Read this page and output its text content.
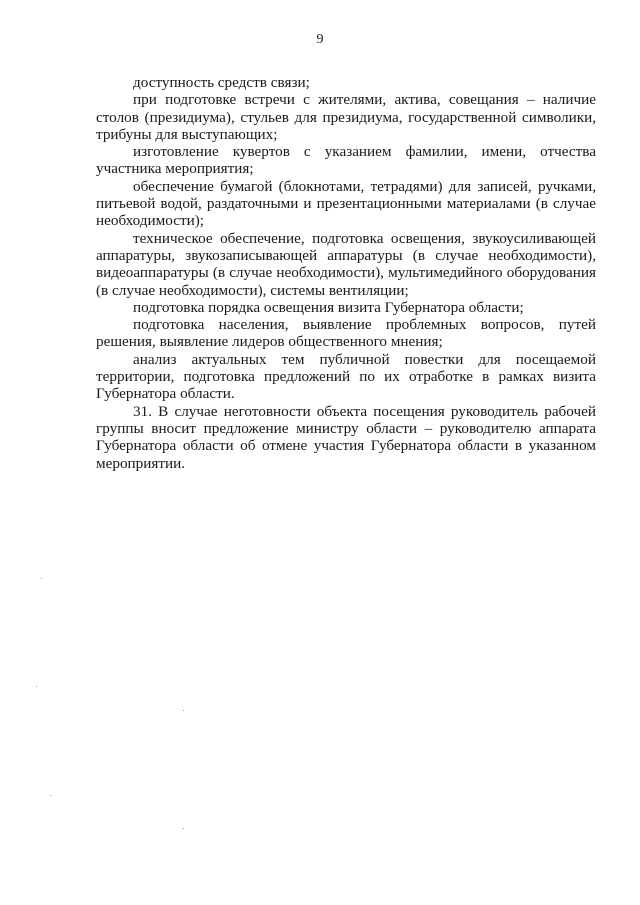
9

доступность средств связи;

при подготовке встречи с жителями, актива, совещания – наличие столов (президиума), стульев для президиума, государственной символики, трибуны для выступающих;

изготовление кувертов с указанием фамилии, имени, отчества участника мероприятия;

обеспечение бумагой (блокнотами, тетрадями) для записей, ручками, питьевой водой, раздаточными и презентационными материалами (в случае необходимости);

техническое обеспечение, подготовка освещения, звукоусиливающей аппаратуры, звукозаписывающей аппаратуры (в случае необходимости), видеоаппаратуры (в случае необходимости), мультимедийного оборудования (в случае необходимости), системы вентиляции;

подготовка порядка освещения визита Губернатора области;

подготовка населения, выявление проблемных вопросов, путей решения, выявление лидеров общественного мнения;

анализ актуальных тем публичной повестки для посещаемой территории, подготовка предложений по их отработке в рамках визита Губернатора области.

31. В случае неготовности объекта посещения руководитель рабочей группы вносит предложение министру области – руководителю аппарата Губернатора области об отмене участия Губернатора области в указанном мероприятии.
